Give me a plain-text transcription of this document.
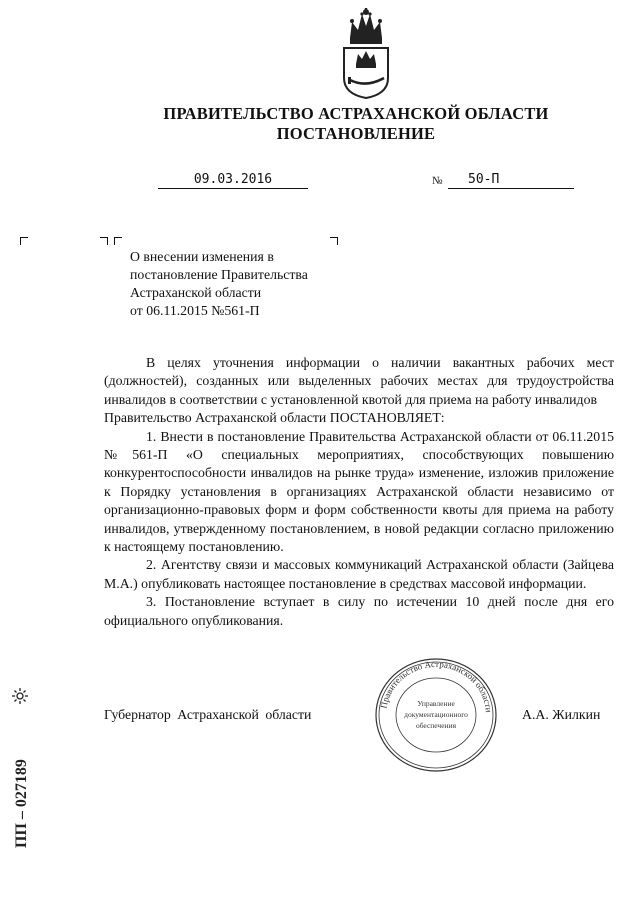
ПРАВИТЕЛЬСТВО АСТРАХАНСКОЙ ОБЛАСТИ
ПОСТАНОВЛЕНИЕ
09.03.2016	№	50-П
О внесении изменения в
постановление Правительства
Астраханской области
от 06.11.2015 №561-П

В целях уточнения информации о наличии вакантных рабочих мест (должностей), созданных или выделенных рабочих местах для трудоустройства инвалидов в соответствии с установленной квотой для приема на работу инвалидов

Правительство Астраханской области ПОСТАНОВЛЯЕТ:

1. Внести в постановление Правительства Астраханской области от 06.11.2015 №561-П «О специальных мероприятиях, способствующих повышению конкурентоспособности инвалидов на рынке труда» изменение, изложив приложение к Порядку установления в организациях Астраханской области независимо от организационно-правовых форм и форм собственности квоты для приема на работу инвалидов, утвержденному постановлением, в новой редакции согласно приложению к настоящему постановлению.

2. Агентству связи и массовых коммуникаций Астраханской области (Зайцева М.А.) опубликовать настоящее постановление в средствах массовой информации.

3. Постановление вступает в силу по истечении 10 дней после дня его официального опубликования.

Губернатор Астраханской области	А.А. Жилкин
Правительство Астраханской области
Управление
документационного
обеспечения
ПП – 027189
